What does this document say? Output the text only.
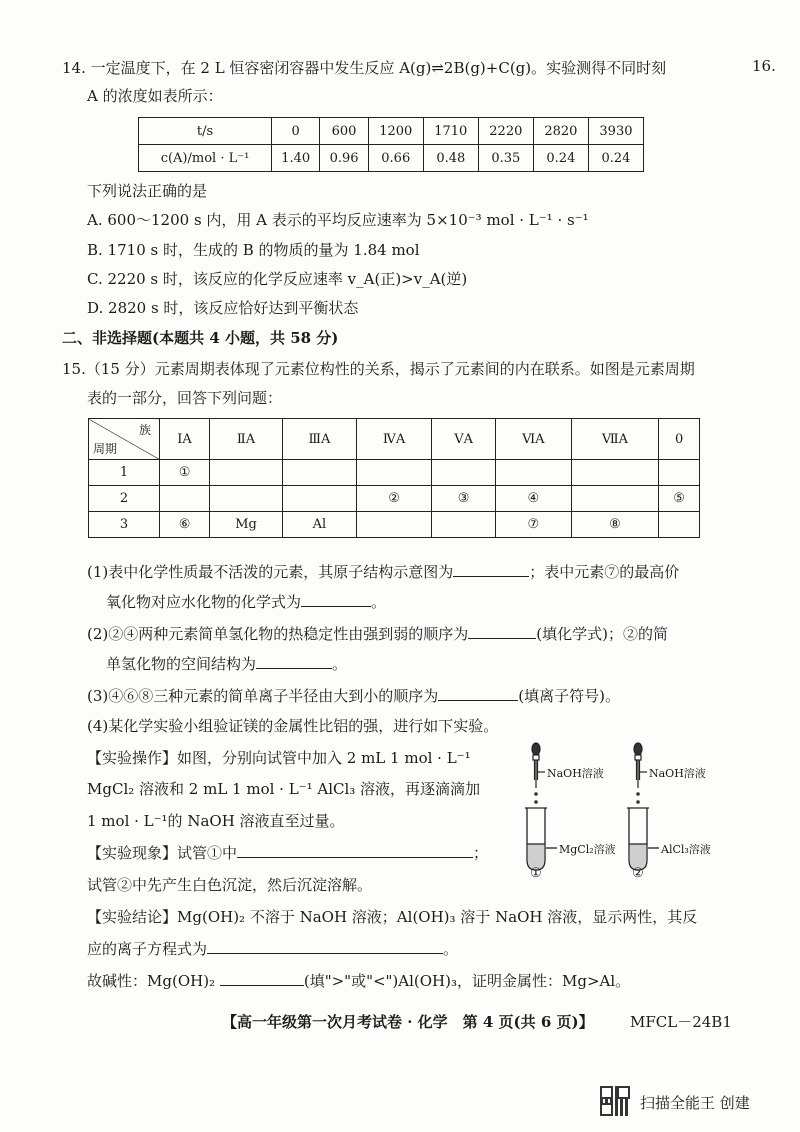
14. 一定温度下，在 2 L 恒容密闭容器中发生反应 A(g)⇌2B(g)+C(g)。实验测得不同时刻	16.
A 的浓度如表所示：
t/s	0	600	1200	1710	2220	2820	3930
c(A)/mol · L⁻¹	1.40	0.96	0.66	0.48	0.35	0.24	0.24
下列说法正确的是
A. 600～1200 s 内，用 A 表示的平均反应速率为 5×10⁻³ mol · L⁻¹ · s⁻¹
B. 1710 s 时，生成的 B 的物质的量为 1.84 mol
C. 2220 s 时，该反应的化学反应速率 v_A(正)>v_A(逆)
D. 2820 s 时，该反应恰好达到平衡状态
二、非选择题(本题共 4 小题，共 58 分)
15.（15 分）元素周期表体现了元素位构性的关系，揭示了元素间的内在联系。如图是元素周期
表的一部分，回答下列问题：
族
周期	ⅠA	ⅡA	ⅢA	ⅣA	ⅤA	ⅥA	ⅦA	0
1	①							
2				②	③	④		⑤
3	⑥	Mg	Al			⑦	⑧	
(1)表中化学性质最不活泼的元素，其原子结构示意图为	；表中元素⑦的最高价
氧化物对应水化物的化学式为	。
(2)②④两种元素简单氢化物的热稳定性由强到弱的顺序为	(填化学式)；②的简
单氢化物的空间结构为	。
(3)④⑥⑧三种元素的简单离子半径由大到小的顺序为	(填离子符号)。
(4)某化学实验小组验证镁的金属性比铝的强，进行如下实验。
【实验操作】如图，分别向试管中加入 2 mL 1 mol · L⁻¹
MgCl₂ 溶液和 2 mL 1 mol · L⁻¹ AlCl₃ 溶液，再逐滴滴加
1 mol · L⁻¹的 NaOH 溶液直至过量。
【实验现象】试管①中	；
试管②中先产生白色沉淀，然后沉淀溶解。
【实验结论】Mg(OH)₂ 不溶于 NaOH 溶液；Al(OH)₃ 溶于 NaOH 溶液，显示两性，其反
应的离子方程式为	。
故碱性：Mg(OH)₂	(填">"或"<")Al(OH)₃，证明金属性：Mg>Al。
NaOH溶液	NaOH溶液
MgCl₂溶液	AlCl₃溶液
①	②
【高一年级第一次月考试卷 · 化学　第 4 页(共 6 页)】 MFCL－24B1
扫描全能王 创建
